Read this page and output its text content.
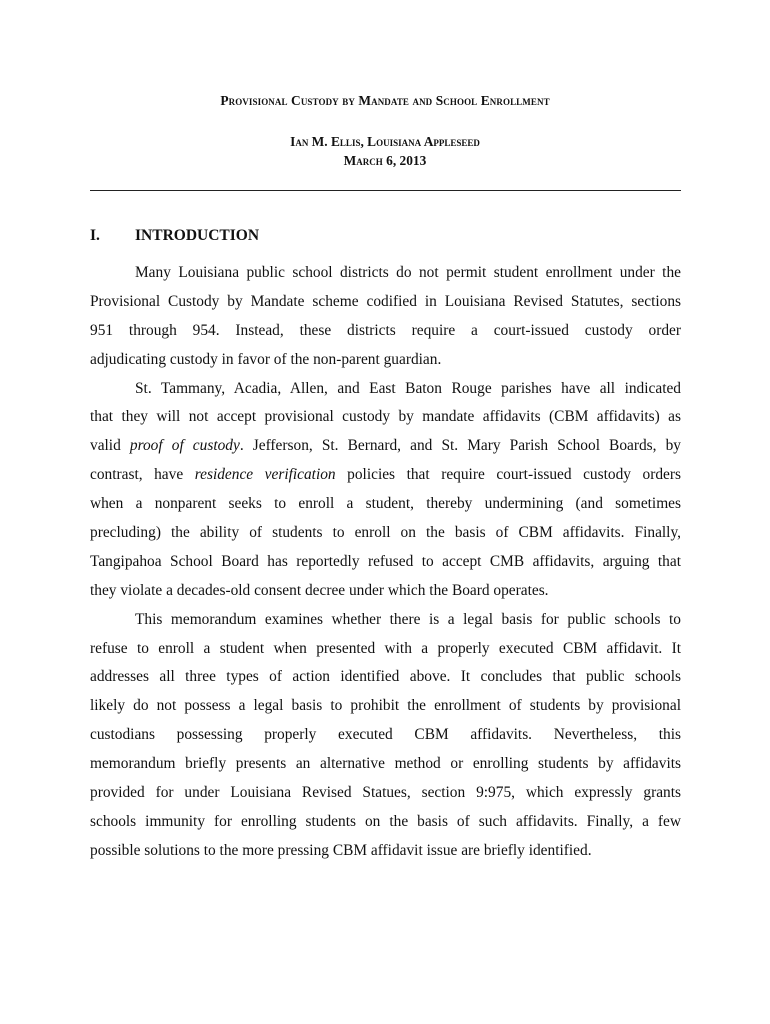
Provisional Custody by Mandate and School Enrollment
Ian M. Ellis, Louisiana Appleseed
March 6, 2013
I. INTRODUCTION
Many Louisiana public school districts do not permit student enrollment under the
Provisional Custody by Mandate scheme codified in Louisiana Revised Statutes, sections
951 through 954. Instead, these districts require a court-issued custody order
adjudicating custody in favor of the non-parent guardian.
St. Tammany, Acadia, Allen, and East Baton Rouge parishes have all indicated
that they will not accept provisional custody by mandate affidavits (CBM affidavits) as
valid proof of custody. Jefferson, St. Bernard, and St. Mary Parish School Boards, by
contrast, have residence verification policies that require court-issued custody orders
when a nonparent seeks to enroll a student, thereby undermining (and sometimes
precluding) the ability of students to enroll on the basis of CBM affidavits. Finally,
Tangipahoa School Board has reportedly refused to accept CMB affidavits, arguing that
they violate a decades-old consent decree under which the Board operates.
This memorandum examines whether there is a legal basis for public schools to
refuse to enroll a student when presented with a properly executed CBM affidavit. It
addresses all three types of action identified above. It concludes that public schools
likely do not possess a legal basis to prohibit the enrollment of students by provisional
custodians possessing properly executed CBM affidavits. Nevertheless, this
memorandum briefly presents an alternative method or enrolling students by affidavits
provided for under Louisiana Revised Statues, section 9:975, which expressly grants
schools immunity for enrolling students on the basis of such affidavits. Finally, a few
possible solutions to the more pressing CBM affidavit issue are briefly identified.
